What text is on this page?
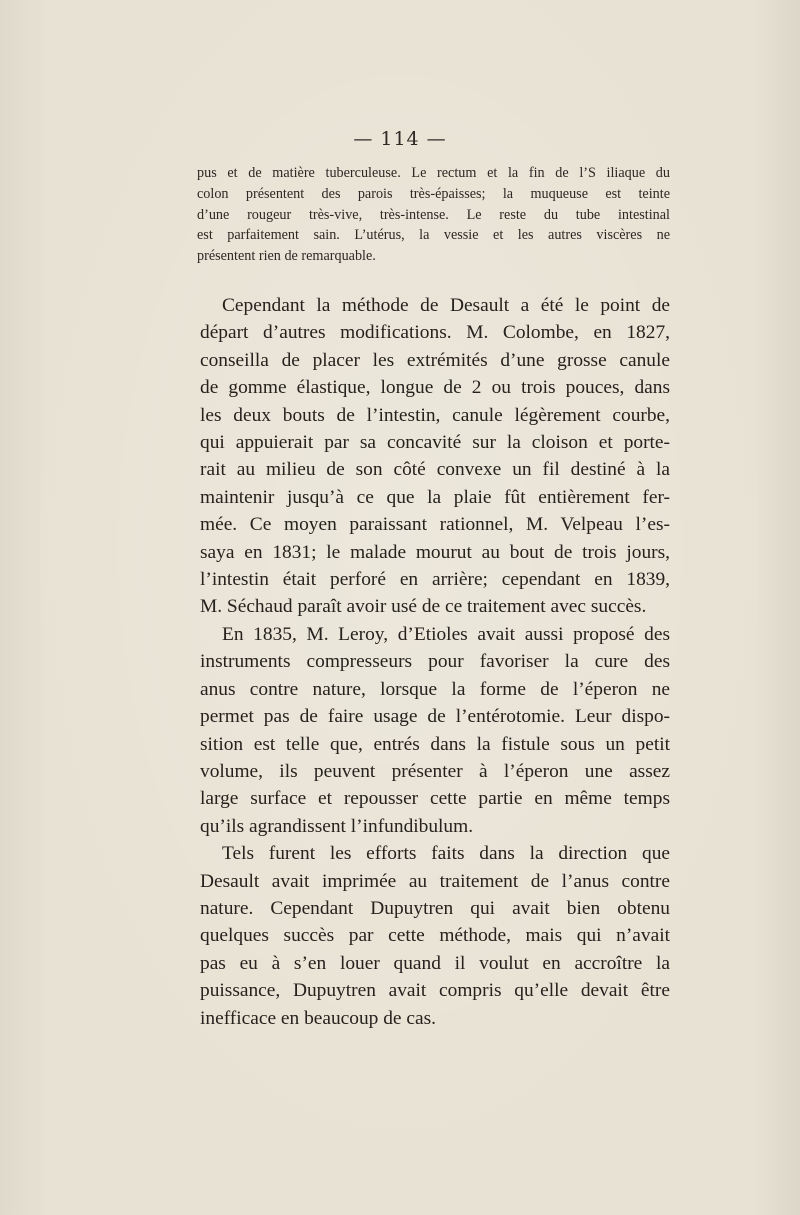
— 114 —
pus et de matière tuberculeuse. Le rectum et la fin de l’S iliaque du
colon présentent des parois très-épaisses; la muqueuse est teinte
d’une rougeur très-vive, très-intense. Le reste du tube intestinal
est parfaitement sain. L’utérus, la vessie et les autres viscères ne
présentent rien de remarquable.
Cependant la méthode de Desault a été le point de
départ d’autres modifications. M. Colombe, en 1827,
conseilla de placer les extrémités d’une grosse canule
de gomme élastique, longue de 2 ou trois pouces, dans
les deux bouts de l’intestin, canule légèrement courbe,
qui appuierait par sa concavité sur la cloison et porte-
rait au milieu de son côté convexe un fil destiné à la
maintenir jusqu’à ce que la plaie fût entièrement fer-
mée. Ce moyen paraissant rationnel, M. Velpeau l’es-
saya en 1831; le malade mourut au bout de trois jours,
l’intestin était perforé en arrière; cependant en 1839,
M. Séchaud paraît avoir usé de ce traitement avec succès.
En 1835, M. Leroy, d’Etioles avait aussi proposé des
instruments compresseurs pour favoriser la cure des
anus contre nature, lorsque la forme de l’éperon ne
permet pas de faire usage de l’entérotomie. Leur dispo-
sition est telle que, entrés dans la fistule sous un petit
volume, ils peuvent présenter à l’éperon une assez
large surface et repousser cette partie en même temps
qu’ils agrandissent l’infundibulum.
Tels furent les efforts faits dans la direction que
Desault avait imprimée au traitement de l’anus contre
nature. Cependant Dupuytren qui avait bien obtenu
quelques succès par cette méthode, mais qui n’avait
pas eu à s’en louer quand il voulut en accroître la
puissance, Dupuytren avait compris qu’elle devait être
inefficace en beaucoup de cas.
